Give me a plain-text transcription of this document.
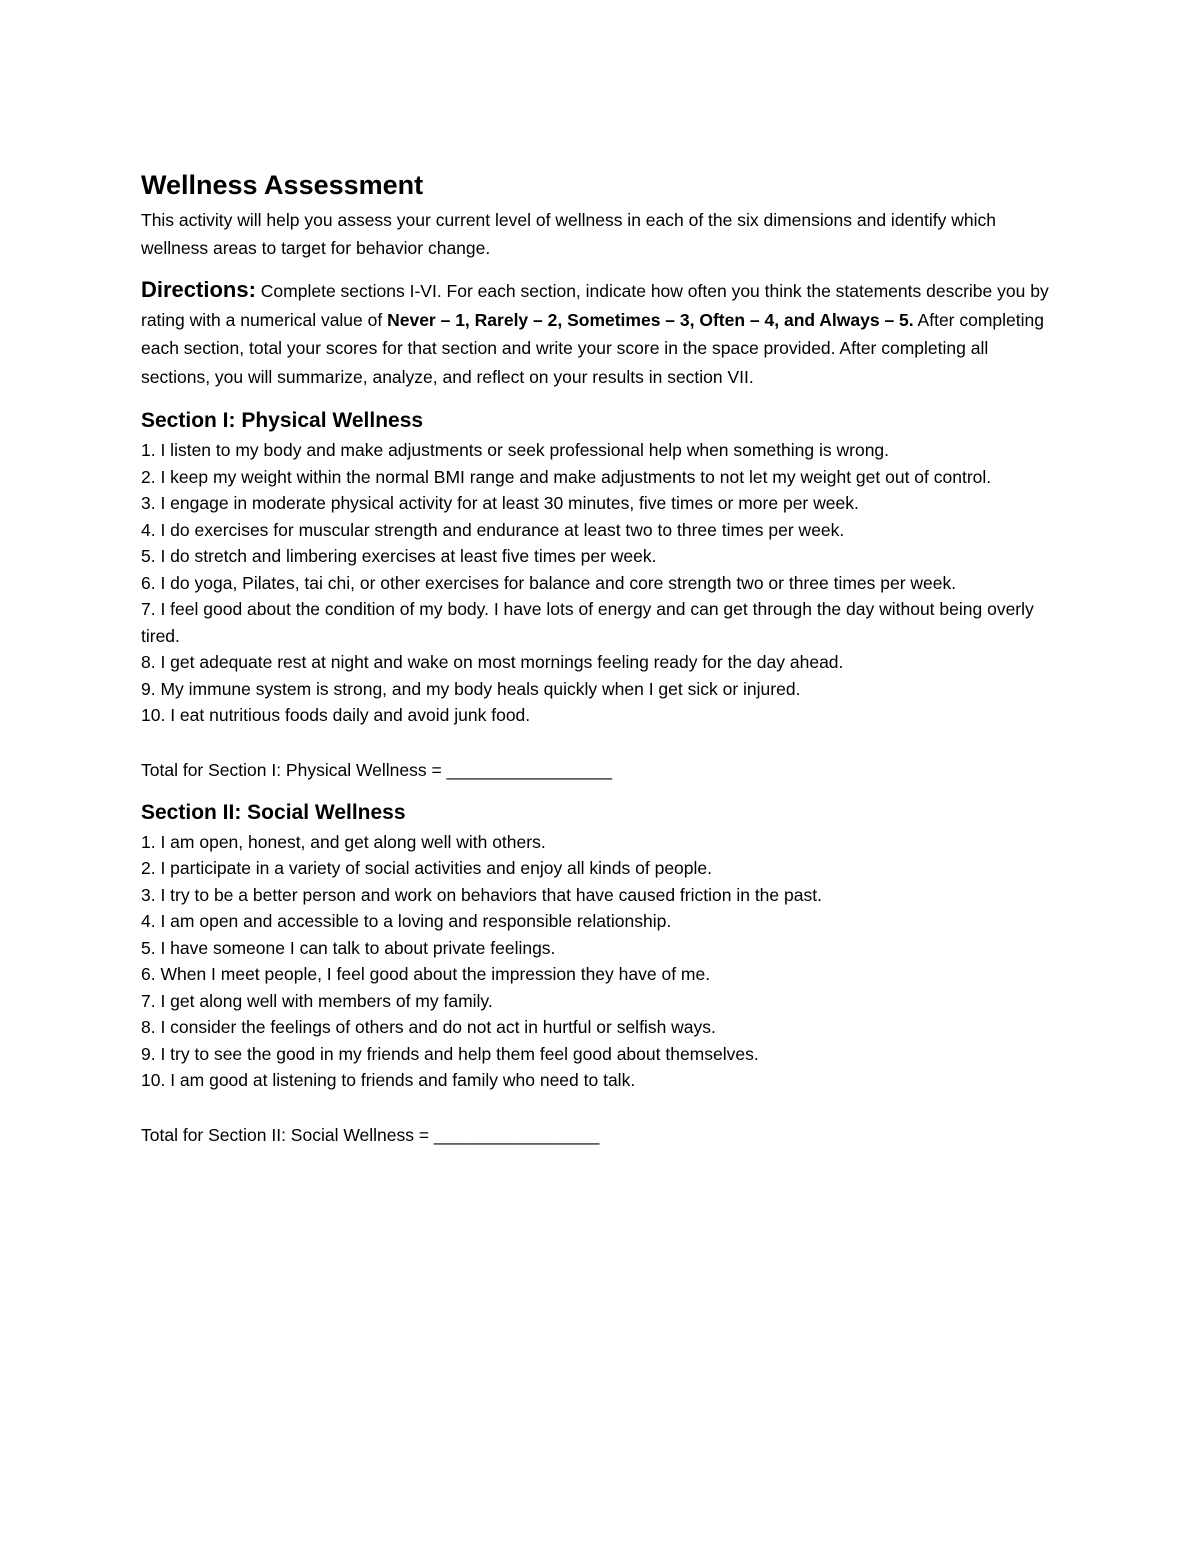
Wellness Assessment

This activity will help you assess your current level of wellness in each of the six dimensions and identify which wellness areas to target for behavior change.

Directions: Complete sections I-VI. For each section, indicate how often you think the statements describe you by rating with a numerical value of Never – 1, Rarely – 2, Sometimes – 3, Often – 4, and Always – 5. After completing each section, total your scores for that section and write your score in the space provided. After completing all sections, you will summarize, analyze, and reflect on your results in section VII.

Section I: Physical Wellness
1. I listen to my body and make adjustments or seek professional help when something is wrong.
2. I keep my weight within the normal BMI range and make adjustments to not let my weight get out of control.
3. I engage in moderate physical activity for at least 30 minutes, five times or more per week.
4. I do exercises for muscular strength and endurance at least two to three times per week.
5. I do stretch and limbering exercises at least five times per week.
6. I do yoga, Pilates, tai chi, or other exercises for balance and core strength two or three times per week.
7. I feel good about the condition of my body. I have lots of energy and can get through the day without being overly tired.
8. I get adequate rest at night and wake on most mornings feeling ready for the day ahead.
9. My immune system is strong, and my body heals quickly when I get sick or injured.
10. I eat nutritious foods daily and avoid junk food.

Total for Section I: Physical Wellness = _________________

Section II: Social Wellness
1. I am open, honest, and get along well with others.
2. I participate in a variety of social activities and enjoy all kinds of people.
3. I try to be a better person and work on behaviors that have caused friction in the past.
4. I am open and accessible to a loving and responsible relationship.
5. I have someone I can talk to about private feelings.
6. When I meet people, I feel good about the impression they have of me.
7. I get along well with members of my family.
8. I consider the feelings of others and do not act in hurtful or selfish ways.
9. I try to see the good in my friends and help them feel good about themselves.
10. I am good at listening to friends and family who need to talk.

Total for Section II: Social Wellness = _________________
